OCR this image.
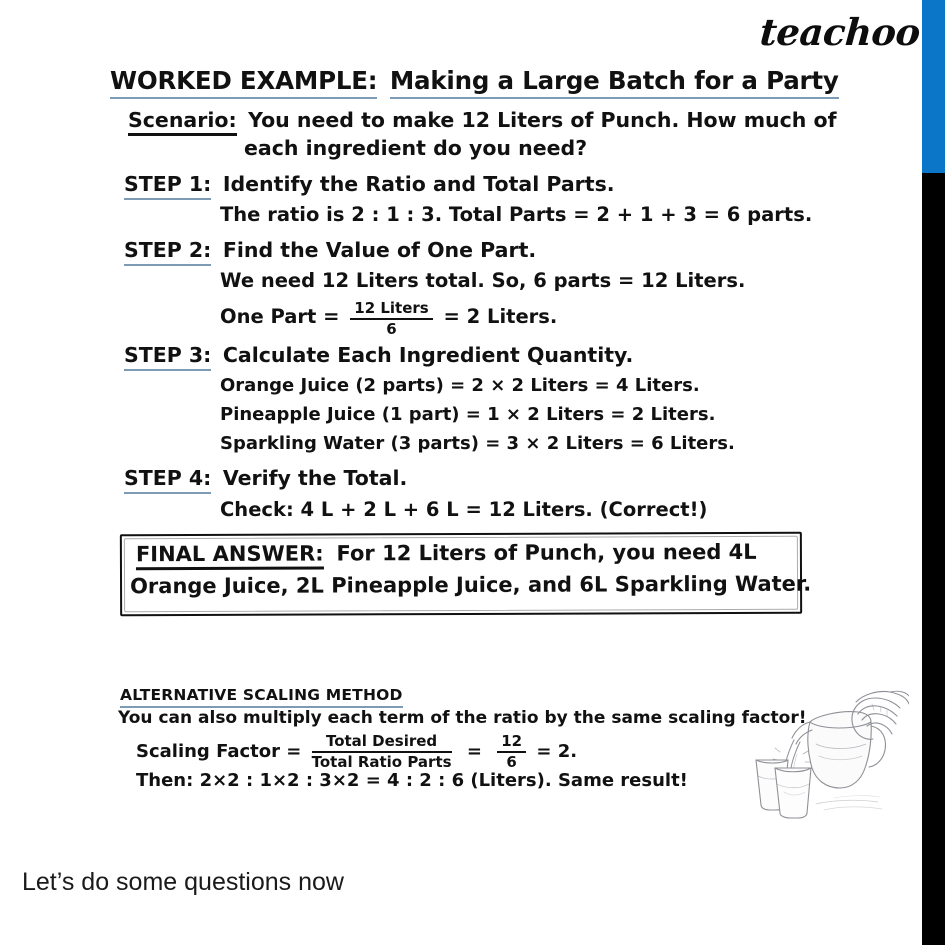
teachoo
WORKED EXAMPLE: Making a Large Batch for a Party
Scenario: You need to make 12 Liters of Punch. How much of
each ingredient do you need?
STEP 1: Identify the Ratio and Total Parts.
The ratio is 2 : 1 : 3. Total Parts = 2 + 1 + 3 = 6 parts.
STEP 2: Find the Value of One Part.
We need 12 Liters total. So, 6 parts = 12 Liters.
One Part = $\frac{\text{12 Liters}}{6} = 2$ Liters.
STEP 3: Calculate Each Ingredient Quantity.
Orange Juice (2 parts) = 2 × 2 Liters = 4 Liters.
Pineapple Juice (1 part) = 1 × 2 Liters = 2 Liters.
Sparkling Water (3 parts) = 3 × 2 Liters = 6 Liters.
STEP 4: Verify the Total.
Check: 4 L + 2 L + 6 L = 12 Liters. (Correct!)
FINAL ANSWER: For 12 Liters of Punch, you need 4L
Orange Juice, 2L Pineapple Juice, and 6L Sparkling Water.
ALTERNATIVE SCALING METHOD
You can also multiply each term of the ratio by the same scaling factor!
Scaling Factor = $\frac{\text{Total Desired}}{\text{Total Ratio Parts}} = \frac{12}{6} = 2$.
Then: 2×2 : 1×2 : 3×2 = 4 : 2 : 6 (Liters). Same result!
Let’s do some questions now
